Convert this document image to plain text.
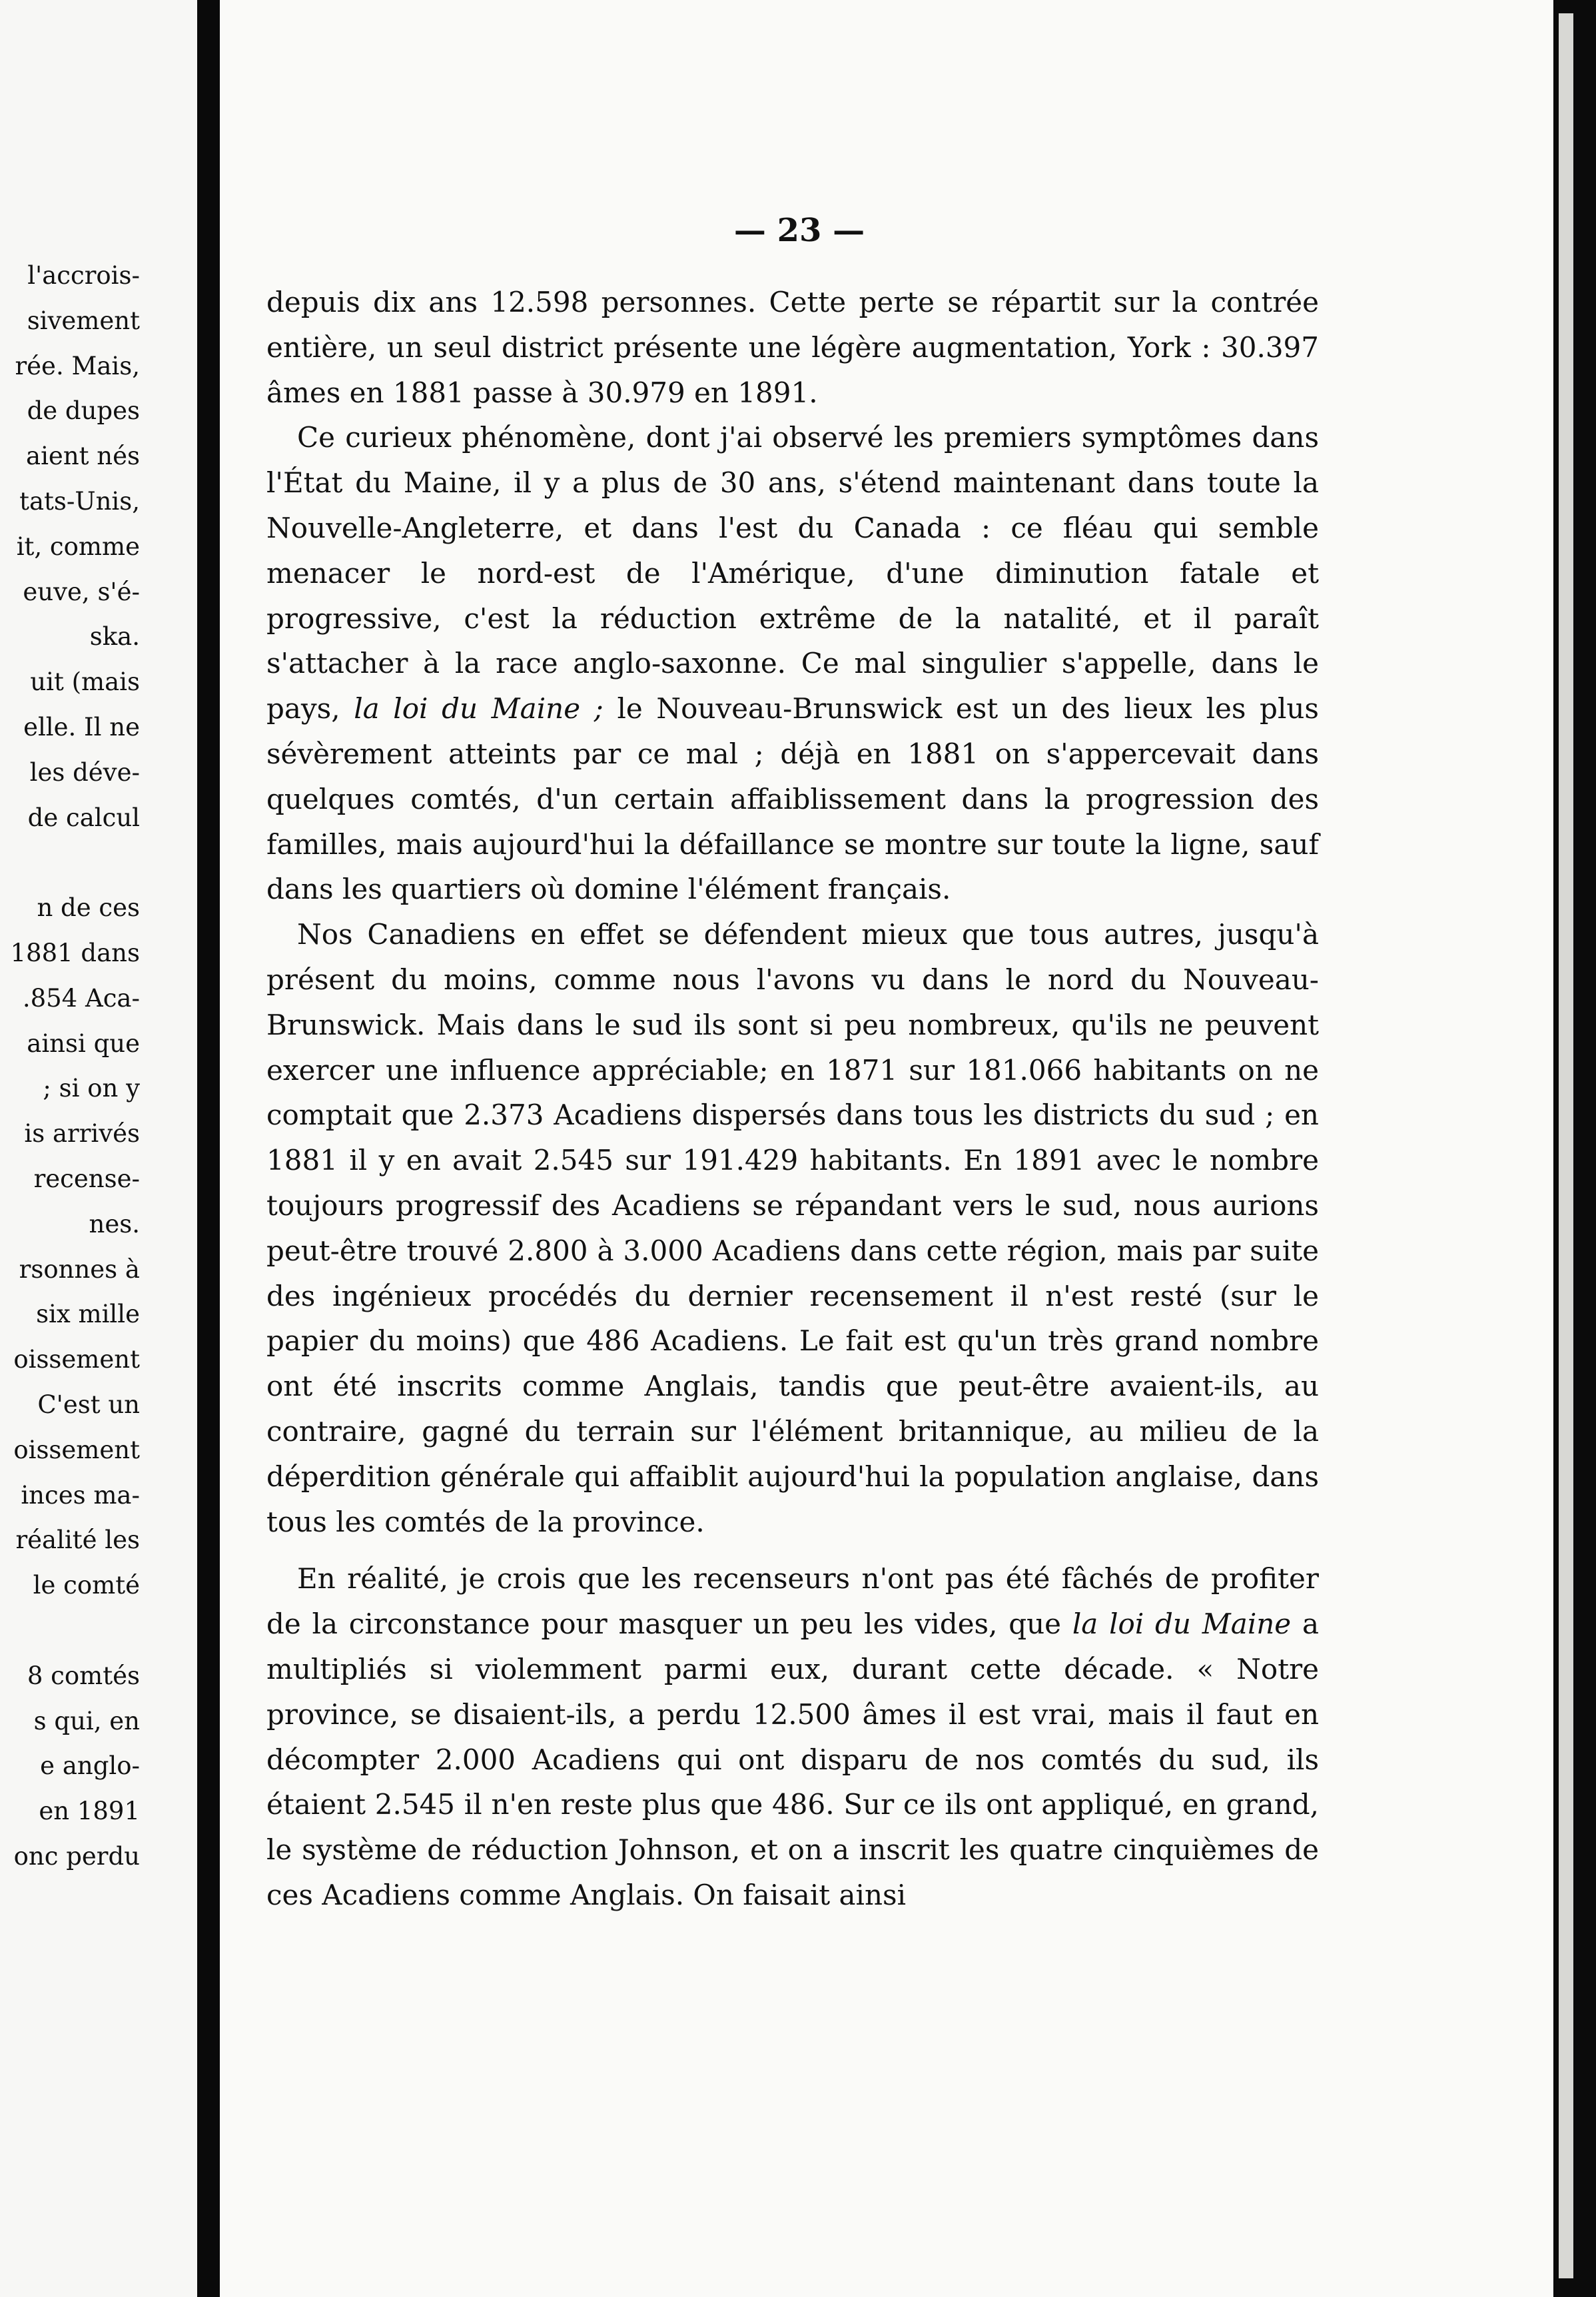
l'accrois-
sivement
rée. Mais,
de dupes
aient nés
tats-Unis,
it, comme
euve, s'é-
ska.
uit (mais
elle. Il ne
les déve-
de calcul
n de ces
1881 dans
.854 Aca-
ainsi que
; si on y
is arrivés
recense-
nes.
rsonnes à
six mille
oissement
C'est un
oissement
inces ma-
réalité les
le comté
8 comtés
s qui, en
e anglo-
en 1891
onc perdu
— 23 —

depuis dix ans 12.598 personnes. Cette perte se répartit sur la contrée entière, un seul district présente une légère augmentation, York : 30.397 âmes en 1881 passe à 30.979 en 1891.

Ce curieux phénomène, dont j'ai observé les premiers symptômes dans l'État du Maine, il y a plus de 30 ans, s'étend maintenant dans toute la Nouvelle-Angleterre, et dans l'est du Canada : ce fléau qui semble menacer le nord-est de l'Amérique, d'une diminution fatale et progressive, c'est la réduction extrême de la natalité, et il paraît s'attacher à la race anglo-saxonne. Ce mal singulier s'appelle, dans le pays, la loi du Maine ; le Nouveau-Brunswick est un des lieux les plus sévèrement atteints par ce mal ; déjà en 1881 on s'appercevait dans quelques comtés, d'un certain affaiblissement dans la progression des familles, mais aujourd'hui la défaillance se montre sur toute la ligne, sauf dans les quartiers où domine l'élément français.

Nos Canadiens en effet se défendent mieux que tous autres, jusqu'à présent du moins, comme nous l'avons vu dans le nord du Nouveau-Brunswick. Mais dans le sud ils sont si peu nombreux, qu'ils ne peuvent exercer une influence appréciable; en 1871 sur 181.066 habitants on ne comptait que 2.373 Acadiens dispersés dans tous les districts du sud ; en 1881 il y en avait 2.545 sur 191.429 habitants. En 1891 avec le nombre toujours progressif des Acadiens se répandant vers le sud, nous aurions peut-être trouvé 2.800 à 3.000 Acadiens dans cette région, mais par suite des ingénieux procédés du dernier recensement il n'est resté (sur le papier du moins) que 486 Acadiens. Le fait est qu'un très grand nombre ont été inscrits comme Anglais, tandis que peut-être avaient-ils, au contraire, gagné du terrain sur l'élément britannique, au milieu de la déperdition générale qui affaiblit aujourd'hui la population anglaise, dans tous les comtés de la province.

En réalité, je crois que les recenseurs n'ont pas été fâchés de profiter de la circonstance pour masquer un peu les vides, que la loi du Maine a multipliés si violemment parmi eux, durant cette décade. « Notre province, se disaient-ils, a perdu 12.500 âmes il est vrai, mais il faut en décompter 2.000 Acadiens qui ont disparu de nos comtés du sud, ils étaient 2.545 il n'en reste plus que 486. Sur ce ils ont appliqué, en grand, le système de réduction Johnson, et on a inscrit les quatre cinquièmes de ces Acadiens comme Anglais. On faisait ainsi
